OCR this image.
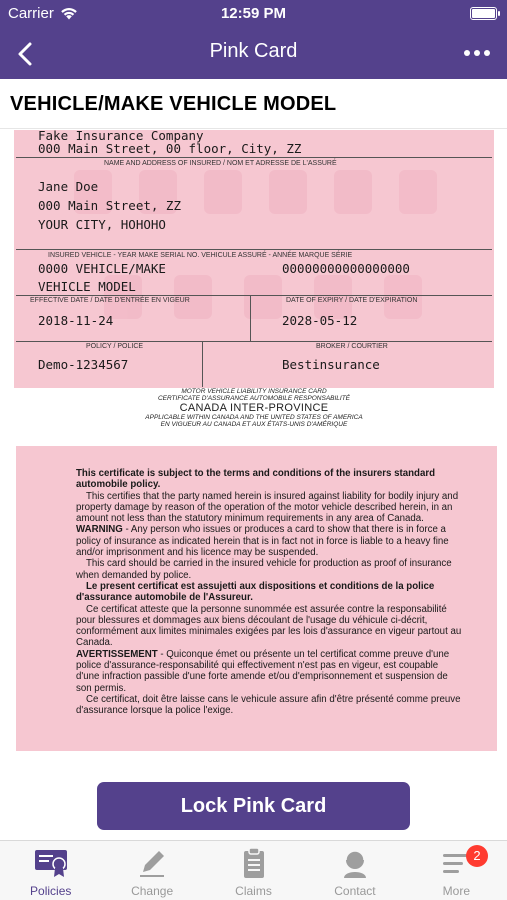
Carrier	12:59 PM
Pink Card
VEHICLE/MAKE VEHICLE MODEL
Fake Insurance Company
000 Main Street, 00 floor, City, ZZ
NAME AND ADDRESS OF INSURED / NOM ET ADRESSE DE L'ASSURÉ
Jane Doe
000 Main Street, ZZ
YOUR CITY, HOHOHO
INSURED VEHICLE - YEAR MAKE SERIAL NO. VEHICULE ASSURÉ - ANNÉE MARQUE SÉRIE
0000 VEHICLE/MAKE	00000000000000000
VEHICLE MODEL
EFFECTIVE DATE / DATE D'ENTRÉE EN VIGEUR	DATE OF EXPIRY / DATE D'EXPIRATION
2018-11-24	2028-05-12
POLICY / POLICE	BROKER / COURTIER
Demo-1234567	Bestinsurance
MOTOR VEHICLE LIABILITY INSURANCE CARD
CERTIFICATE D'ASSURANCE AUTOMOBILE RESPONSABILITÉ
CANADA INTER-PROVINCE
APPLICABLE WITHIN CANADA AND THE UNITED STATES OF AMERICA
EN VIGUEUR AU CANADA ET AUX ÉTATS-UNIS D'AMÉRIQUE

This certificate is subject to the terms and conditions of the insurers standard automobile policy.

This certifies that the party named herein is insured against liability for bodily injury and property damage by reason of the operation of the motor vehicle described herein, in an amount not less than the statutory minimum requirements in any area of Canada.

WARNING - Any person who issues or produces a card to show that there is in force a policy of insurance as indicated herein that is in fact not in force is liable to a heavy fine and/or imprisonment and his licence may be suspended.

This card should be carried in the insured vehicle for production as proof of insurance when demanded by police.

Le present certificat est assujetti aux dispositions et conditions de la police d'assurance automobile de l'Assureur.

Ce certificat atteste que la personne sunommée est assurée contre la responsabilité pour blessures et dommages aux biens découlant de l'usage du véhicule ci-décrit, conformément aux limites minimales exigées par les lois d'assurance en vigeur partout au Canada.

AVERTISSEMENT - Quiconque émet ou présente un tel certificat comme preuve d'une police d'assurance-responsabilité qui effectivement n'est pas en vigeur, est coupable d'une infraction passible d'une forte amende et/ou d'emprisonnement et suspension de son permis.

Ce certificat, doit être laisse cans le vehicule assure afin d'être présenté comme preuve d'assurance lorsque la police l'exige.

Lock Pink Card
Policies	Change	Claims	Contact	More
2
